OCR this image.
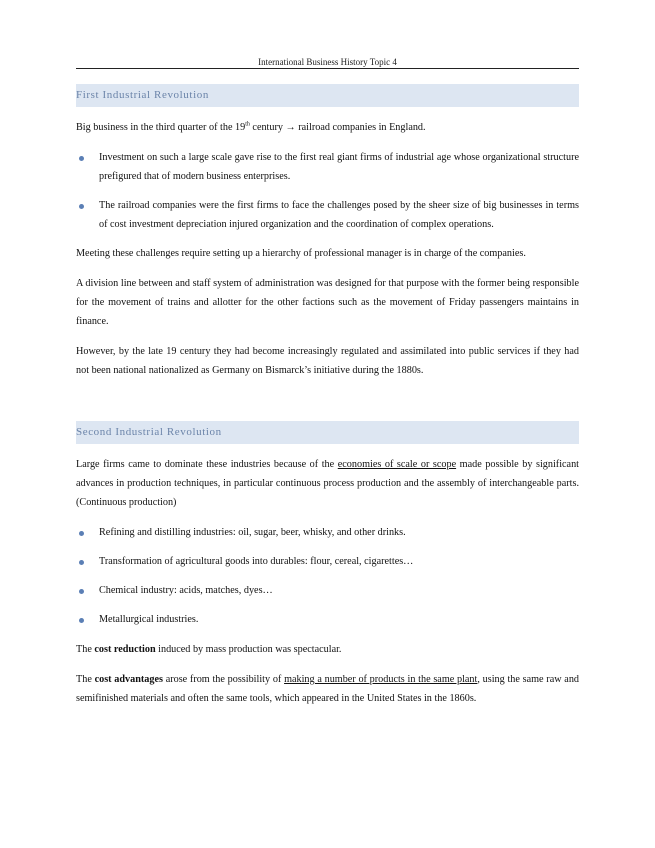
International Business History Topic 4
First Industrial Revolution
Big business in the third quarter of the 19th century → railroad companies in England.
Investment on such a large scale gave rise to the first real giant firms of industrial age whose organizational structure prefigured that of modern business enterprises.
The railroad companies were the first firms to face the challenges posed by the sheer size of big businesses in terms of cost investment depreciation injured organization and the coordination of complex operations.
Meeting these challenges require setting up a hierarchy of professional manager is in charge of the companies.
A division line between and staff system of administration was designed for that purpose with the former being responsible for the movement of trains and allotter for the other factions such as the movement of Friday passengers maintains in finance.
However, by the late 19 century they had become increasingly regulated and assimilated into public services if they had not been national nationalized as Germany on Bismarck’s initiative during the 1880s.
Second Industrial Revolution
Large firms came to dominate these industries because of the economies of scale or scope made possible by significant advances in production techniques, in particular continuous process production and the assembly of interchangeable parts. (Continuous production)
Refining and distilling industries: oil, sugar, beer, whisky, and other drinks.
Transformation of agricultural goods into durables: flour, cereal, cigarettes…
Chemical industry: acids, matches, dyes…
Metallurgical industries.
The cost reduction induced by mass production was spectacular.
The cost advantages arose from the possibility of making a number of products in the same plant, using the same raw and semifinished materials and often the same tools, which appeared in the United States in the 1860s.
